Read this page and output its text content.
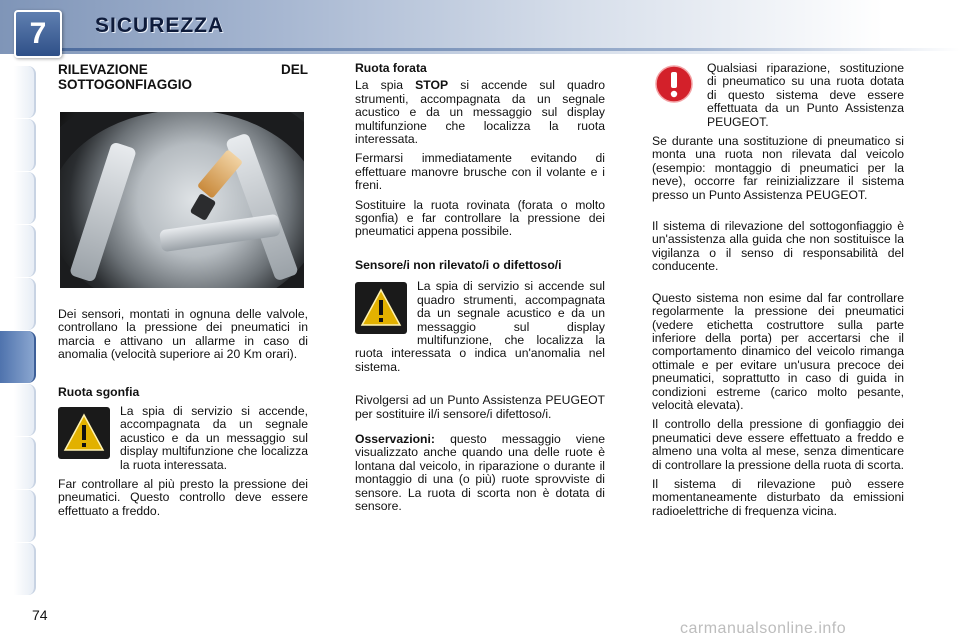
7	SICUREZZA
RILEVAZIONE DEL SOTTOGONFIAGGIO

Dei sensori, montati in ognuna delle valvole, controllano la pressione dei pneumatici in marcia e attivano un allarme in caso di anomalia (velocità superiore ai 20 Km orari).

Ruota sgonfia

La spia di servizio si accende, accompagnata da un segnale acustico e da un messaggio sul display multifunzione che localizza la ruota interessata.

Far controllare al più presto la pressione dei pneumatici. Questo controllo deve essere effettuato a freddo.

Ruota forata

La spia STOP si accende sul quadro strumenti, accompagnata da un segnale acustico e da un messaggio sul display multifunzione che localizza la ruota interessata.

Fermarsi immediatamente evitando di effettuare manovre brusche con il volante e i freni.

Sostituire la ruota rovinata (forata o molto sgonfia) e far controllare la pressione dei pneumatici appena possibile.

Sensore/i non rilevato/i o difettoso/i

La spia di servizio si accende sul quadro strumenti, accompagnata da un segnale acustico e da un messaggio sul display multifunzione, che localizza la ruota interessata o indica un'anomalia nel sistema.

Rivolgersi ad un Punto Assistenza PEUGEOT per sostituire il/i sensore/i difettoso/i.

Osservazioni: questo messaggio viene visualizzato anche quando una delle ruote è lontana dal veicolo, in riparazione o durante il montaggio di una (o più) ruote sprovviste di sensore. La ruota di scorta non è dotata di sensore.

Qualsiasi riparazione, sostituzione di pneumatico su una ruota dotata di questo sistema deve essere effettuata da un Punto Assistenza PEUGEOT.

Se durante una sostituzione di pneumatico si monta una ruota non rilevata dal veicolo (esempio: montaggio di pneumatici per la neve), occorre far reinizializzare il sistema presso un Punto Assistenza PEUGEOT.

Il sistema di rilevazione del sottogonfiaggio è un'assistenza alla guida che non sostituisce la vigilanza o il senso di responsabilità del conducente.

Questo sistema non esime dal far controllare regolarmente la pressione dei pneumatici (vedere etichetta costruttore sulla parte inferiore della porta) per accertarsi che il comportamento dinamico del veicolo rimanga ottimale e per evitare un'usura precoce dei pneumatici, soprattutto in caso di guida in condizioni estreme (carico molto pesante, velocità elevata).

Il controllo della pressione di gonfiaggio dei pneumatici deve essere effettuato a freddo e almeno una volta al mese, senza dimenticare di controllare la pressione della ruota di scorta.

Il sistema di rilevazione può essere momentaneamente disturbato da emissioni radioelettriche di frequenza vicina.

74
carmanualsonline.info
